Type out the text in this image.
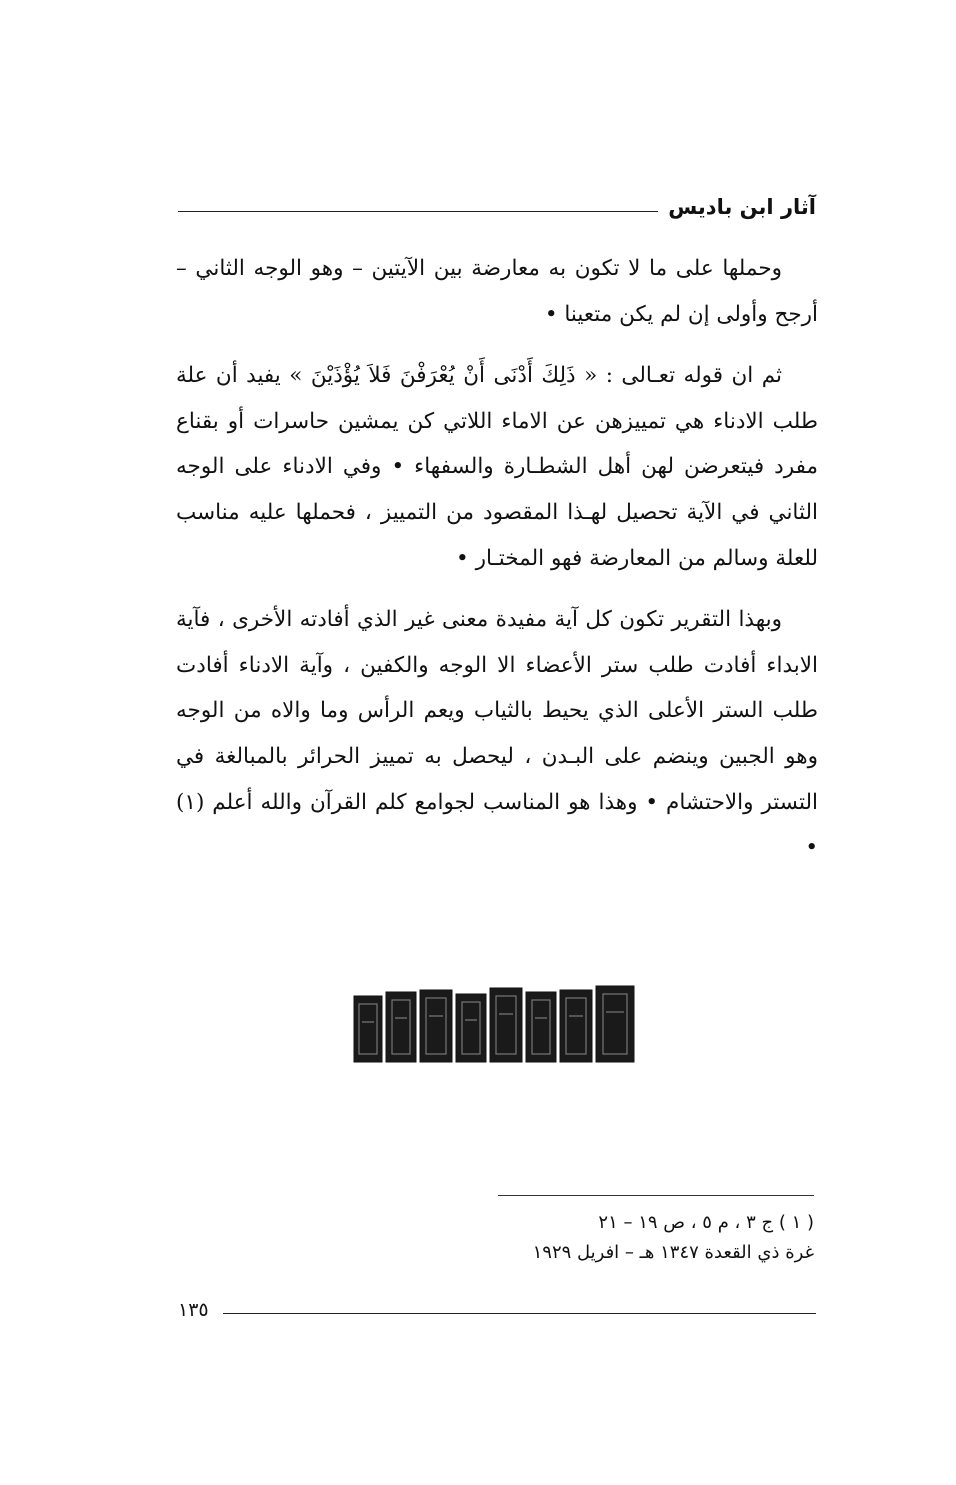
آثار ابن باديس

وحملها على ما لا تكون به معارضة بين الآيتين – وهو الوجه الثاني – أرجح وأولى إن لم يكن متعينا •

ثم ان قوله تعـالى : « ذَلِكَ أَدْنَى أَنْ يُعْرَفْنَ فَلاَ يُؤْذَيْنَ » يفيد أن علة طلب الادناء هي تمييزهن عن الاماء اللاتي كن يمشين حاسرات أو بقناع مفرد فيتعرضن لهن أهل الشطـارة والسفهاء • وفي الادناء على الوجه الثاني في الآية تحصيل لهـذا المقصود من التمييز ، فحملها عليه مناسب للعلة وسالم من المعارضة فهو المختـار •

وبهذا التقرير تكون كل آية مفيدة معنى غير الذي أفادته الأخرى ، فآية الابداء أفادت طلب ستر الأعضاء الا الوجه والكفين ، وآية الادناء أفادت طلب الستر الأعلى الذي يحيط بالثياب ويعم الرأس وما والاه من الوجه وهو الجبين وينضم على البـدن ، ليحصل به تمييز الحرائر بالمبالغة في التستر والاحتشام • وهذا هو المناسب لجوامع كلم القرآن والله أعلم (١) •

( ١ ) ج ٣ ، م ٥ ، ص ١٩ – ٢١
غرة ذي القعدة ١٣٤٧ هـ – افريل ١٩٢٩
١٣٥
